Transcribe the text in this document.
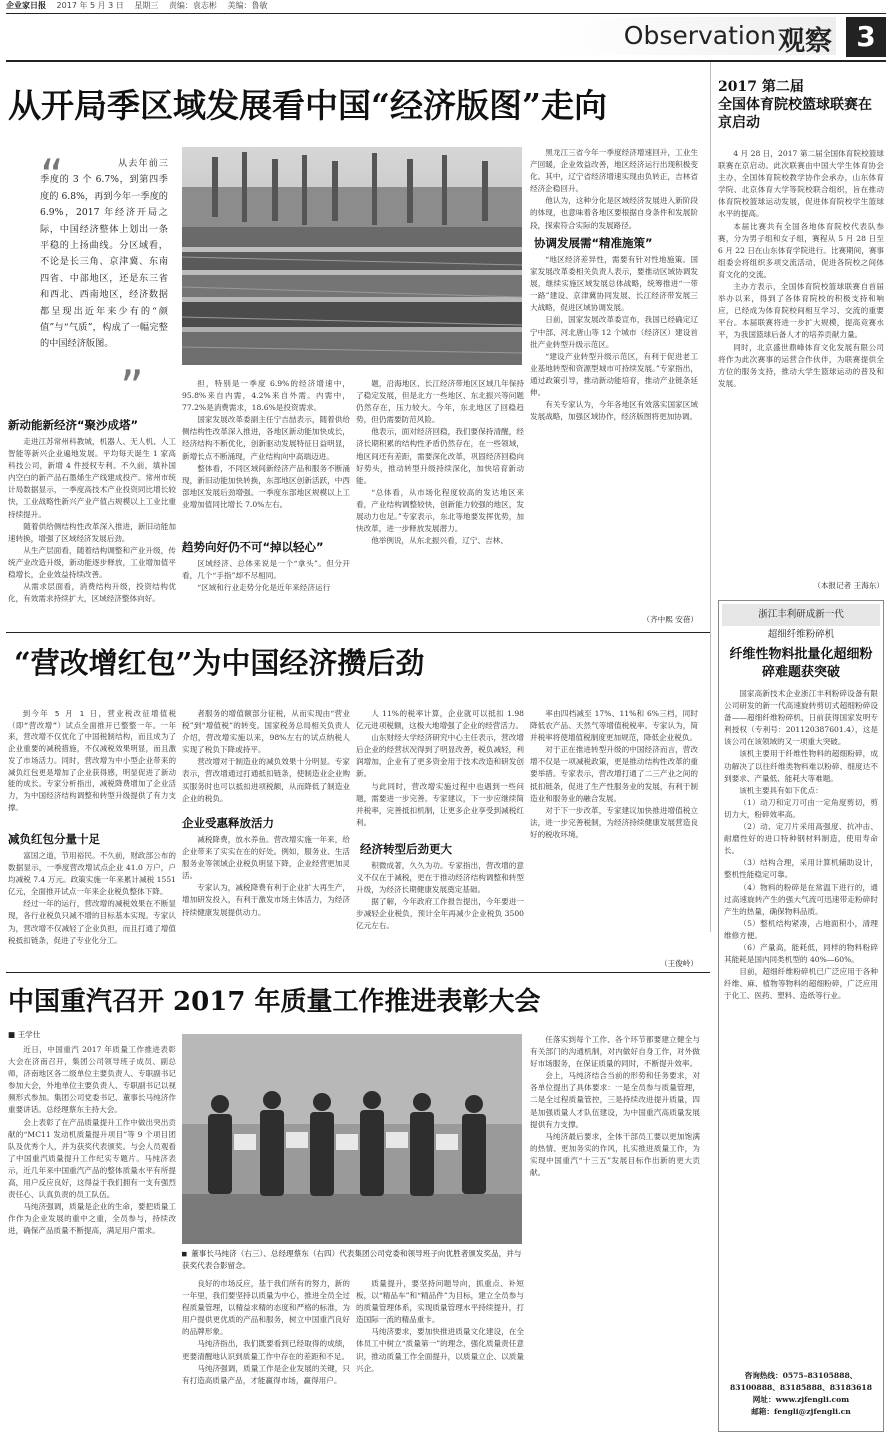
企业家日报 2017 年 5 月 3 日 星期三 责编：袁志彬 美编：鲁敏
Observation 观察 3
从开局季区域发展看中国“经济版图”走向
“	从去年前三季度的 3 个 6.7%，到第四季度的 6.8%，再到今年一季度的 6.9%，2017 年经济开局之际，中国经济整体上划出一条平稳的上扬曲线。分区域看，不论是长三角、京津冀、东南四省、中部地区，还是东三省和西北、西南地区，经济数据都呈现出近年来少有的“颜值”与“气质”，构成了一幅完整的中国经济版图。
”
新动能新经济“聚沙成塔”

走进江苏常州科教城，机器人、无人机、人工智能等新兴企业遍地发展。平均每天诞生 1 家高科技公司，新增 4 件授权专利。不久前，填补国内空白的新产品石墨烯生产线建成投产。常州市统计局数据显示，一季度高技术产业投资同比增长较快，工业战略性新兴产业产值占规模以上工业比重持续提升。

随着供给侧结构性改革深入推进，新旧动能加速转换，增强了区域经济发展后劲。

从生产层面看，随着结构调整和产业升级，传统产业改造升级，新动能逐步释放，工业增加值平稳增长，企业效益持续改善。

从需求层面看，消费结构升级，投资结构优化，有效需求持续扩大，区域经济整体向好。

担，特别是一季度 6.9%的经济增速中，95.8%来自内需，4.2%来自外需。内需中，77.2%是消费需求，18.6%是投资需求。

国家发展改革委副主任宁吉喆表示，随着供给侧结构性改革深入推进，各地区新动能加快成长，经济结构不断优化，创新驱动发展特征日益明显，新增长点不断涌现，产业结构向中高端迈进。

整体看，不同区域间新经济产品和服务不断涌现，新旧动能加快转换，东部地区创新活跃，中西部地区发展后劲增强。一季度东部地区规模以上工业增加值同比增长 7.0%左右。

趋势向好仍不可“掉以轻心”

区域经济、总体来说是一个“拿头”。但分开看，几个“手指”却不尽相同。

“区域和行业走势分化是近年来经济运行

题，沿海地区、长江经济带地区区域几年保持了稳定发展，但是北方一些地区、东北振兴等问题仍然存在，压力较大。今年，东北地区了回稳趋势，但仍需要防范风险。

他表示，面对经济回稳，我们要保持清醒，经济长期积累的结构性矛盾仍然存在，在一些领域，地区间还有差距，需要深化改革，巩固经济回稳向好势头，推动转型升级持续深化，加快培育新动能。

“总体看，从市场化程度较高的发达地区来看，产业结构调整较快，创新能力较强的地区，发展动力也足。”专家表示，东北等地要发挥优势，加快改革，进一步释放发展潜力。

他举例说，从东北振兴看，辽宁、吉林、

黑龙江三省今年一季度经济增速回升，工业生产回暖，企业效益改善，地区经济运行出现积极变化。其中，辽宁省经济增速实现由负转正，吉林省经济企稳回升。

他认为，这种分化是区域经济发展进入新阶段的体现，也意味着各地区要根据自身条件和发展阶段，探索符合实际的发展路径。

协调发展需“精准施策”

“地区经济差异性，需要有针对性地施策。国家发展改革委相关负责人表示，要推动区域协调发展，继续实施区域发展总体战略，统筹推进“一带一路”建设、京津冀协同发展、长江经济带发展三大战略，促进区域协调发展。

日前，国家发展改革委宣布，我国已经确定辽宁中部、河北唐山等 12 个城市（经济区）建设首批产业转型升级示范区。

“建设产业转型升级示范区，有利于促进老工业基地转型和资源型城市可持续发展。”专家指出，通过政策引导，推动新动能培育，推动产业链条延伸。

有关专家认为，今年各地区有效落实国家区域发展战略，加强区域协作，经济版图将更加协调。

（齐中熙 安蓓）
2017 第二届
全国体育院校篮球联赛在京启动

4 月 28 日，2017 第二届全国体育院校篮球联赛在京启动。此次联赛由中国大学生体育协会主办，全国体育院校教学协作会承办，山东体育学院、北京体育大学等院校联合组织，旨在推动体育院校篮球运动发展，促进体育院校学生篮球水平的提高。

本届比赛共有全国各地体育院校代表队参赛，分为男子组和女子组，赛程从 5 月 28 日至 6 月 22 日在山东体育学院进行。比赛期间，赛事组委会将组织多项交流活动，促进各院校之间体育文化的交流。

主办方表示，全国体育院校篮球联赛自首届举办以来，得到了各体育院校的积极支持和响应，已经成为体育院校间相互学习、交流的重要平台。本届联赛将进一步扩大规模，提高竞赛水平，为我国篮球后备人才的培养贡献力量。

同时，北京盛世鼎峰体育文化发展有限公司将作为此次赛事的运营合作伙伴，为联赛提供全方位的服务支持，推动大学生篮球运动的普及和发展。

（本报记者 王海东）
“营改增红包”为中国经济攒后劲
到今年 5 月 1 日，营业税改征增值税（即“营改增”）试点全面推开已整整一年。一年来，营改增不仅优化了中国税制结构，而且成为了企业重要的减税措施，不仅减税效果明显，而且激发了市场活力。同时，营改增为中小型企业带来的减负红包更是增加了企业获得感，明显促进了新动能的成长。专家分析指出，减税降费增加了企业活力，为中国经济结构调整和转型升级提供了有力支撑。
减负红包分量十足

富国之道，节用裕民。不久前，财政部公布的数据显示，一季度营改增试点企业 41.0 万户，户均减税 7.4 万元。政策实施一年来累计减税 1551 亿元，全面推开试点一年来企业税负整体下降。

经过一年的运行，营改增的减税效果在不断显现，各行业税负只减不增的目标基本实现。专家认为，营改增不仅减轻了企业负担，而且打通了增值税抵扣链条，促进了专业化分工。

者服务的增值额部分征税，从而实现由“营业税”到“增值税”的转变。国家税务总局相关负责人介绍，营改增实施以来，98%左右的试点纳税人实现了税负下降或持平。

营改增对于制造业的减负效果十分明显。专家表示，营改增通过打通抵扣链条，使制造业企业购买服务时也可以抵扣进项税额，从而降低了制造业企业的税负。

企业受惠释放活力

减税降费，放水养鱼。营改增实施一年来，给企业带来了实实在在的好处。例如，服务业、生活服务业等领域企业税负明显下降，企业经营更加灵活。

专家认为，减税降费有利于企业扩大再生产，增加研发投入，有利于激发市场主体活力，为经济持续健康发展提供动力。

人 11%的税率计算，企业就可以抵扣 1.98 亿元进项税额，这极大地增强了企业的经营活力。

山东财经大学经济研究中心主任表示，营改增后企业的经营状况得到了明显改善，税负减轻，利润增加，企业有了更多资金用于技术改造和研发创新。

与此同时，营改增实施过程中也遇到一些问题，需要进一步完善。专家建议，下一步应继续简并税率，完善抵扣机制，让更多企业享受到减税红利。

经济转型后劲更大

积微成著，久久为功。专家指出，营改增的意义不仅在于减税，更在于推动经济结构调整和转型升级，为经济长期健康发展奠定基础。

据了解，今年政府工作报告提出，今年要进一步减轻企业税负，预计全年再减少企业税负 3500 亿元左右。

率由四档减至 17%、11%和 6%三档，同时降低农产品、天然气等增值税税率。专家认为，简并税率将使增值税制度更加规范，降低企业税负。

对于正在推进转型升级的中国经济而言，营改增不仅是一项减税政策，更是推动结构性改革的重要举措。专家表示，营改增打通了二三产业之间的抵扣链条，促进了生产性服务业的发展，有利于制造业和服务业的融合发展。

对于下一步改革，专家建议加快推进增值税立法，进一步完善税制，为经济持续健康发展营造良好的税收环境。

（王俊岭）
浙江丰利研成新一代
超细纤维粉碎机
纤维性物料批量化超细粉碎难题获突破

国家高新技术企业浙江丰利粉碎设备有限公司研发的新一代高速旋转剪切式超细粉碎设备——超细纤维粉碎机，日前获得国家发明专利授权（专利号：201120387601.4），这是该公司在该领域的又一项重大突破。

该机主要用于纤维性物料的超细粉碎，成功解决了以往纤维类物料难以粉碎、细度达不到要求、产量低、能耗大等难题。

该机主要具有如下优点：

（1）动刀和定刀可由一定角度剪切，剪切力大，粉碎效率高。

（2）动、定刀片采用高强度、抗冲击、耐磨性好的进口特种钢材料制造，使用寿命长。

（3）结构合理，采用计算机辅助设计，整机性能稳定可靠。

（4）物料的粉碎是在常温下进行的，通过高速旋转产生的强大气流可迅速带走粉碎时产生的热量，确保物料品质。

（5）整机结构紧凑，占地面积小，清理维修方便。

（6）产量高，能耗低，同样的物料粉碎其能耗是国内同类机型的 40%—60%。

目前，超细纤维粉碎机已广泛应用于各种纤维、麻、植物等物料的超细粉碎，广泛应用于化工、医药、塑料、造纸等行业。

咨询热线：0575–83105888、83100888、83185888、83183618
网址：www.zjfengli.com
邮箱：fengli@zjfengli.cn
中国重汽召开 2017 年质量工作推进表彰大会
■ 王学仕

近日，中国重汽 2017 年质量工作推进表彰大会在济南召开，集团公司领导班子成员、副总师，济南地区各二级单位主要负责人、专职副书记参加大会，外地单位主要负责人、专职副书记以视频形式参加。集团公司党委书记、董事长马纯济作重要讲话。总经理蔡东主持大会。

会上表彰了在产品质量提升工作中做出突出贡献的“MC11 发动机质量提升项目”等 9 个项目团队及优秀个人，并为获奖代表颁奖。与会人员观看了中国重汽质量提升工作纪实专题片。马纯济表示，近几年来中国重汽产品的整体质量水平有所提高，用户反应良好，这得益于我们拥有一支有强烈责任心、认真负责的员工队伍。

马纯济强调，质量是企业的生命，要把质量工作作为企业发展的重中之重，全员参与，持续改进，确保产品质量不断提高，满足用户需求。

■ 董事长马纯济（右三）、总经理蔡东（右四）代表集团公司党委和领导班子向优胜者颁发奖品，并与获奖代表合影留念。

良好的市场反应，基于我们所有的努力，新的一年里，我们要坚持以质量为中心，推进全员全过程质量管理，以精益求精的态度和严格的标准，为用户提供更优质的产品和服务，树立中国重汽良好的品牌形象。

马纯济指出，我们既要看到已经取得的成绩，更要清醒地认识到质量工作中存在的差距和不足。

马纯济强调，质量工作是企业发展的关键，只有打造高质量产品，才能赢得市场，赢得用户。

质量提升，要坚持问题导向，抓重点、补短板，以“精品车”和“精品件”为目标，建立全员参与的质量管理体系，实现质量管理水平持续提升，打造国际一流的精品重卡。

马纯济要求，要加快推进质量文化建设，在全体员工中树立“质量第一”的理念，强化质量责任意识，推动质量工作全面提升，以质量立企、以质量兴企。

任落实到每个工作、各个环节都要建立健全与有关部门的沟通机制，对内做好自身工作，对外做好市场服务，在保证质量的同时，不断提升效率。

会上，马纯济结合当前的形势和任务要求，对各单位提出了具体要求：一是全员参与质量管理，二是全过程质量管控，三是持续改进提升质量，四是加强质量人才队伍建设，为中国重汽高质量发展提供有力支撑。

马纯济最后要求，全体干部员工要以更加饱满的热情、更加务实的作风，扎实推进质量工作，为实现中国重汽“十三五”发展目标作出新的更大贡献。
